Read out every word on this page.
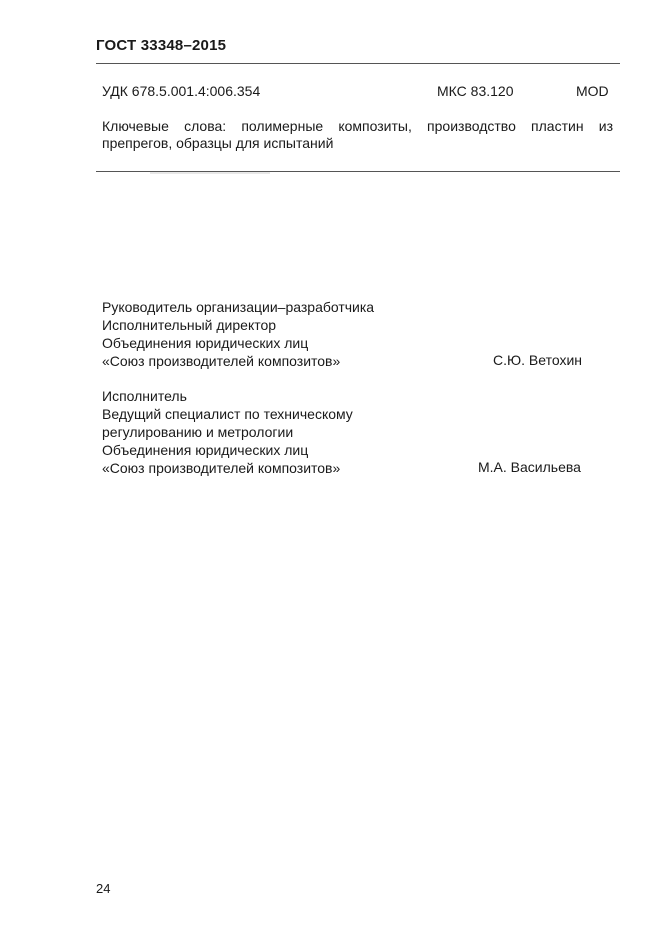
ГОСТ 33348–2015
УДК 678.5.001.4:006.354	МКС 83.120	MOD
Ключевые слова: полимерные композиты, производство пластин из препрегов, образцы для испытаний
Руководитель организации–разработчика
Исполнительный директор
Объединения юридических лиц
«Союз производителей композитов»	С.Ю. Ветохин
Исполнитель
Ведущий специалист по техническому
регулированию и метрологии
Объединения юридических лиц
«Союз производителей композитов»	М.А. Васильева
24
